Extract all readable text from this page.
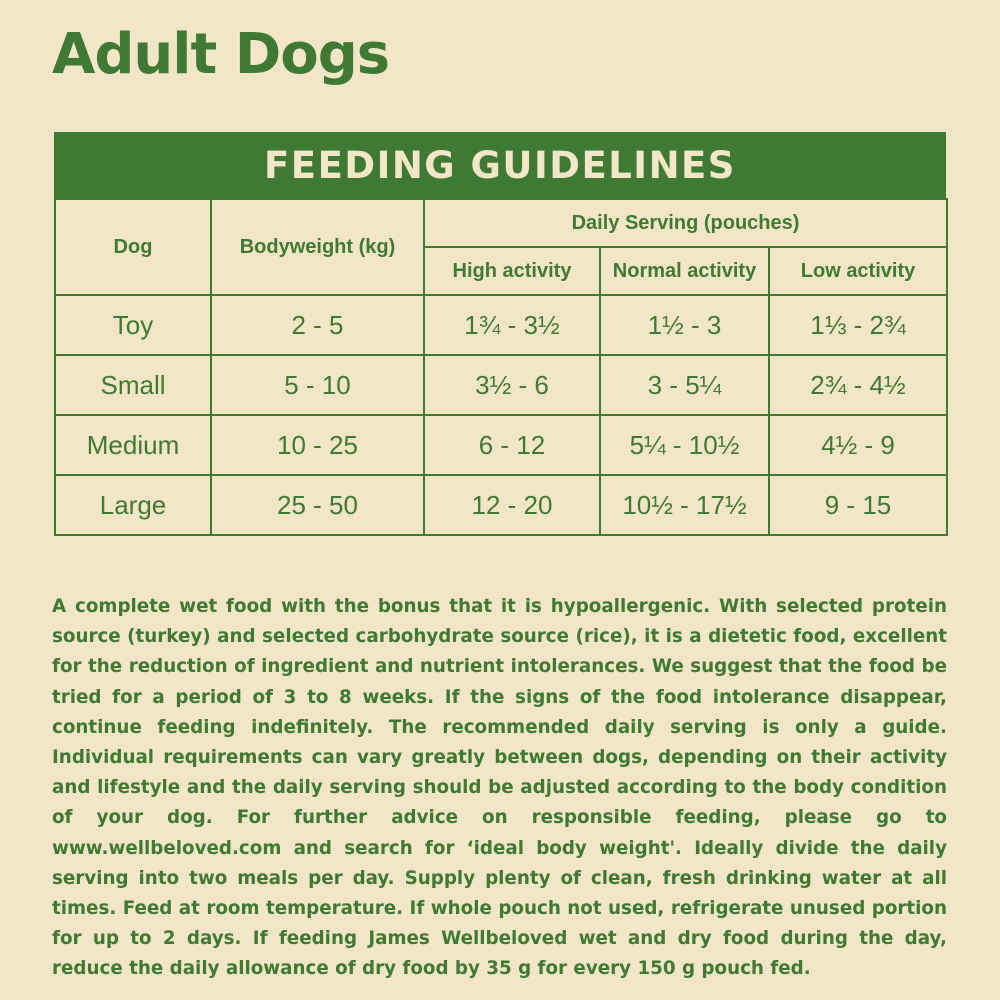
Adult Dogs
FEEDING GUIDELINES
Dog	Bodyweight (kg)	Daily Serving (pouches)		
		High activity	Normal activity	Low activity
Toy	2 - 5	1¾ - 3½	1½ - 3	1⅓ - 2¾
Small	5 - 10	3½ - 6	3 - 5¼	2¾ - 4½
Medium	10 - 25	6 - 12	5¼ - 10½	4½ - 9
Large	25 - 50	12 - 20	10½ - 17½	9 - 15

A complete wet food with the bonus that it is hypoallergenic. With selected protein source (turkey) and selected carbohydrate source (rice), it is a dietetic food, excellent for the reduction of ingredient and nutrient intolerances. We suggest that the food be tried for a period of 3 to 8 weeks. If the signs of the food intolerance disappear, continue feeding indefinitely. The recommended daily serving is only a guide. Individual requirements can vary greatly between dogs, depending on their activity and lifestyle and the daily serving should be adjusted according to the body condition of your dog. For further advice on responsible feeding, please go to www.wellbeloved.com and search for ‘ideal body weight'. Ideally divide the daily serving into two meals per day. Supply plenty of clean, fresh drinking water at all times. Feed at room temperature. If whole pouch not used, refrigerate unused portion for up to 2 days. If feeding James Wellbeloved wet and dry food during the day, reduce the daily allowance of dry food by 35 g for every 150 g pouch fed.
